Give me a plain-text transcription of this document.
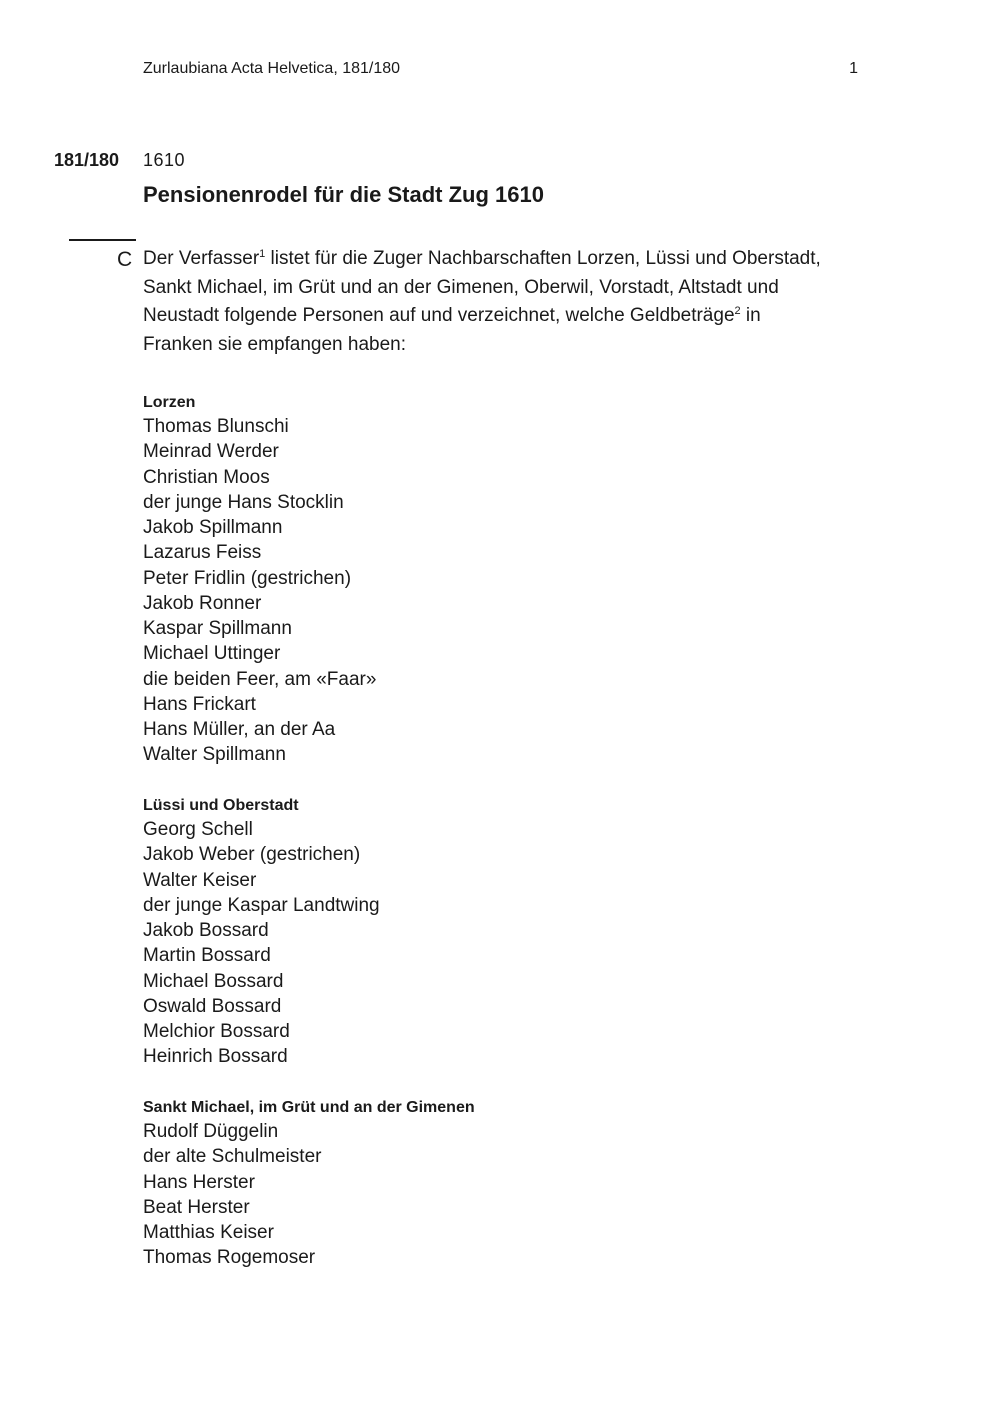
Zurlaubiana Acta Helvetica, 181/180	1
181/180	1610
Pensionenrodel für die Stadt Zug 1610
C Der Verfasser$^1$ listet für die Zuger Nachbarschaften Lorzen, Lüssi und Oberstadt, Sankt Michael, im Grüt und an der Gimenen, Oberwil, Vorstadt, Altstadt und Neustadt folgende Personen auf und verzeichnet, welche Geldbeträge$^2$ in Franken sie empfangen haben:

Lorzen
Thomas Blunschi
Meinrad Werder
Christian Moos
der junge Hans Stocklin
Jakob Spillmann
Lazarus Feiss
Peter Fridlin (gestrichen)
Jakob Ronner
Kaspar Spillmann
Michael Uttinger
die beiden Feer, am «Faar»
Hans Frickart
Hans Müller, an der Aa
Walter Spillmann
Lüssi und Oberstadt
Georg Schell
Jakob Weber (gestrichen)
Walter Keiser
der junge Kaspar Landtwing
Jakob Bossard
Martin Bossard
Michael Bossard
Oswald Bossard
Melchior Bossard
Heinrich Bossard
Sankt Michael, im Grüt und an der Gimenen
Rudolf Düggelin
der alte Schulmeister
Hans Herster
Beat Herster
Matthias Keiser
Thomas Rogemoser
